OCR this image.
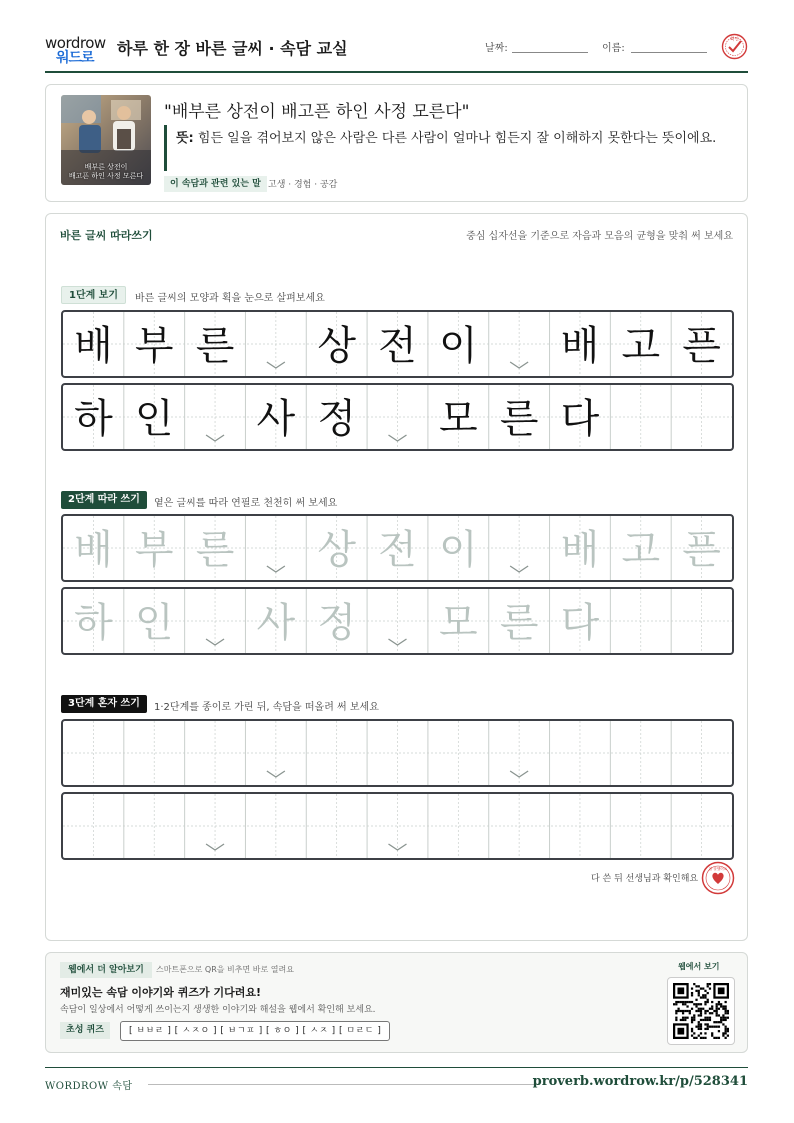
wordrow
워드로 하루 한 장 바른 글씨 · 속담 교실	날짜:	이름:
확인
배부른 상전이
배고픈 하인 사정 모른다
"배부른 상전이 배고픈 하인 사정 모른다"
뜻: 힘든 일을 겪어보지 않은 사람은 다른 사람이 얼마나 힘든지 잘 이해하지 못한다는 뜻이에요.
이 속담과 관련 있는 말 고생 · 경험 · 공감
바른 글씨 따라쓰기	중심 십자선을 기준으로 자음과 모음의 균형을 맞춰 써 보세요
1단계 보기	바른 글씨의 모양과 획을 눈으로 살펴보세요
배 부 른 상 전 이 배 고 픈
하 인 사 정 모 른 다
2단계 따라 쓰기	옅은 글씨를 따라 연필로 천천히 써 보세요
배 부 른 상 전 이 배 고 픈
하 인 사 정 모 른 다
3단계 혼자 쓰기	1·2단계를 종이로 가린 뒤, 속담을 떠올려 써 보세요
다 쓴 뒤 선생님과 확인해요
참 잘했어요
웹에서 더 알아보기	스마트폰으로 QR을 비추면 바로 열려요
재미있는 속담 이야기와 퀴즈가 기다려요!
속담이 일상에서 어떻게 쓰이는지 생생한 이야기와 해설을 웹에서 확인해 보세요.
초성 퀴즈	[ ㅂㅂㄹ ] [ ㅅㅈㅇ ] [ ㅂㄱㅍ ] [ ㅎㅇ ] [ ㅅㅈ ] [ ㅁㄹㄷ ]
웹에서 보기
WORDROW 속담	proverb.wordrow.kr/p/528341
